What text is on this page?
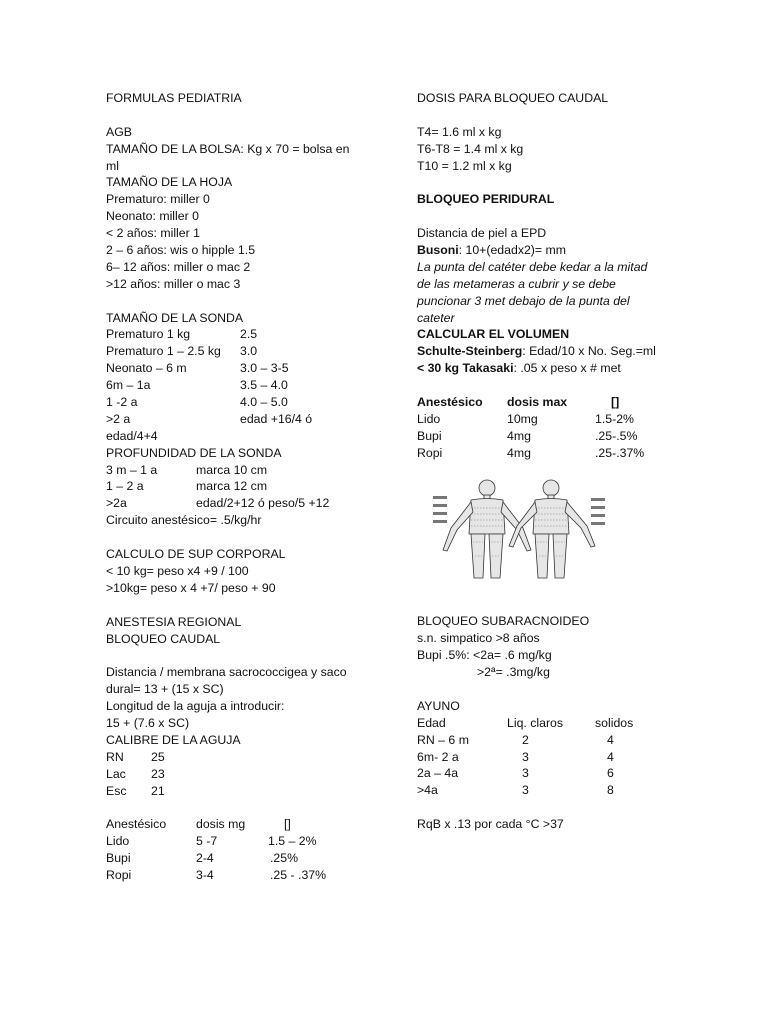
FORMULAS PEDIATRIA
AGB
TAMAÑO DE LA BOLSA: Kg x 70 = bolsa en
ml
TAMAÑO DE LA HOJA
Prematuro: miller 0
Neonato: miller 0
< 2 años: miller 1
2 – 6 años: wis o hipple 1.5
6– 12 años: miller o mac 2
>12 años: miller o mac 3
TAMAÑO DE LA SONDA
Prematuro 1 kg	2.5
Prematuro 1 – 2.5 kg 3.0
Neonato – 6 m	3.0 – 3-5
6m – 1a	3.5 – 4.0
1 -2 a	4.0 – 5.0
>2 a	edad +16/4 ó
edad/4+4
PROFUNDIDAD DE LA SONDA
3 m – 1 a	marca 10 cm
1 – 2 a	marca 12 cm
>2a	edad/2+12 ó peso/5 +12
Circuito anestésico= .5/kg/hr
CALCULO DE SUP CORPORAL
< 10 kg= peso x4 +9 / 100
>10kg= peso x 4 +7/ peso + 90
ANESTESIA REGIONAL
BLOQUEO CAUDAL
Distancia / membrana sacrococcigea y saco
dural= 13 + (15 x SC)
Longitud de la aguja a introducir:
15 + (7.6 x SC)
CALIBRE DE LA AGUJA
RN 25
Lac 23
Esc 21
Anestésico dosis mg	[]
Lido	5 -7	1.5 – 2%
Bupi	2-4	.25%
Ropi	3-4	.25 - .37%
DOSIS PARA BLOQUEO CAUDAL
T4= 1.6 ml x kg
T6-T8 = 1.4 ml x kg
T10 = 1.2 ml x kg
BLOQUEO PERIDURAL
Distancia de piel a EPD
Busoni: 10+(edadx2)= mm
La punta del catéter debe kedar a la mitad
de las metameras a cubrir y se debe
puncionar 3 met debajo de la punta del
cateter
CALCULAR EL VOLUMEN
Schulte-Steinberg: Edad/10 x No. Seg.=ml
< 30 kg Takasaki: .05 x peso x # met
Anestésico dosis max	[]
Lido	10mg	1.5-2%
Bupi	4mg	.25-.5%
Ropi	4mg	.25-.37%
BLOQUEO SUBARACNOIDEO
s.n. simpatico >8 años
Bupi .5%: <2a= .6 mg/kg
>2ª= .3mg/kg
AYUNO
Edad	Liq. claros	solidos
RN – 6 m	2	4
6m- 2 a	3	4
2a – 4a	3	6
>4a	3	8
RqB x .13 por cada °C >37
